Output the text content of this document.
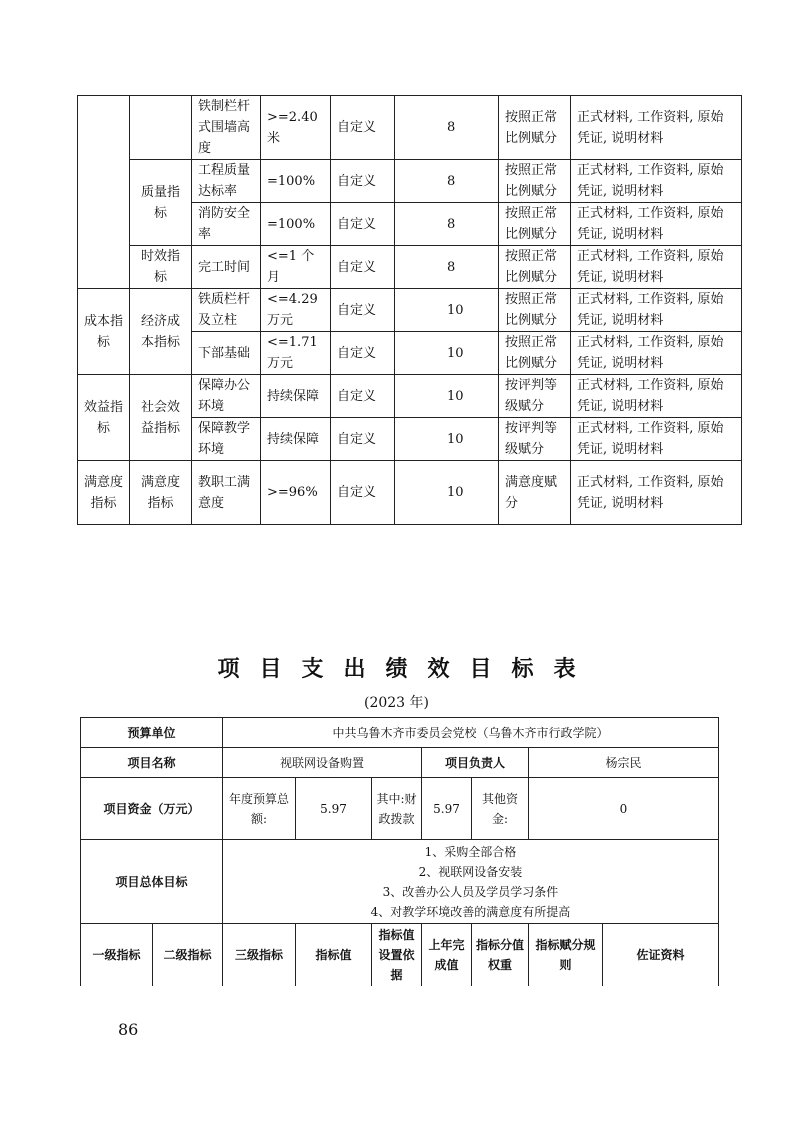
		铁制栏杆式围墙高度	>=2.40 米	自定义	8	按照正常比例赋分	正式材料, 工作资料, 原始凭证, 说明材料
	质量指标	工程质量达标率	=100%	自定义	8	按照正常比例赋分	正式材料, 工作资料, 原始凭证, 说明材料
		消防安全率	=100%	自定义	8	按照正常比例赋分	正式材料, 工作资料, 原始凭证, 说明材料
	时效指标	完工时间	<=1 个月	自定义	8	按照正常比例赋分	正式材料, 工作资料, 原始凭证, 说明材料
成本指标	经济成本指标	铁质栏杆及立柱	<=4.29 万元	自定义	10	按照正常比例赋分	正式材料, 工作资料, 原始凭证, 说明材料
		下部基础	<=1.71 万元	自定义	10	按照正常比例赋分	正式材料, 工作资料, 原始凭证, 说明材料
效益指标	社会效益指标	保障办公环境	持续保障	自定义	10	按评判等级赋分	正式材料, 工作资料, 原始凭证, 说明材料
		保障教学环境	持续保障	自定义	10	按评判等级赋分	正式材料, 工作资料, 原始凭证, 说明材料
满意度指标	满意度指标	教职工满意度	>=96%	自定义	10	满意度赋分	正式材料, 工作资料, 原始凭证, 说明材料
项目支出绩效目标表
(2023 年)
预算单位		中共乌鲁木齐市委员会党校（乌鲁木齐市行政学院）						
项目名称		视联网设备购置			项目负责人		杨宗民	
项目资金（万元）		年度预算总额:	5.97	其中:财政拨款	5.97	其他资金:	0	
项目总体目标		1、采购全部合格
2、视联网设备安装
3、改善办公人员及学员学习条件
4、对教学环境改善的满意度有所提高						

一级指标	二级指标	三级指标	指标值	指标值设置依据	上年完成值	指标分值权重	指标赋分规则	佐证资料
86
